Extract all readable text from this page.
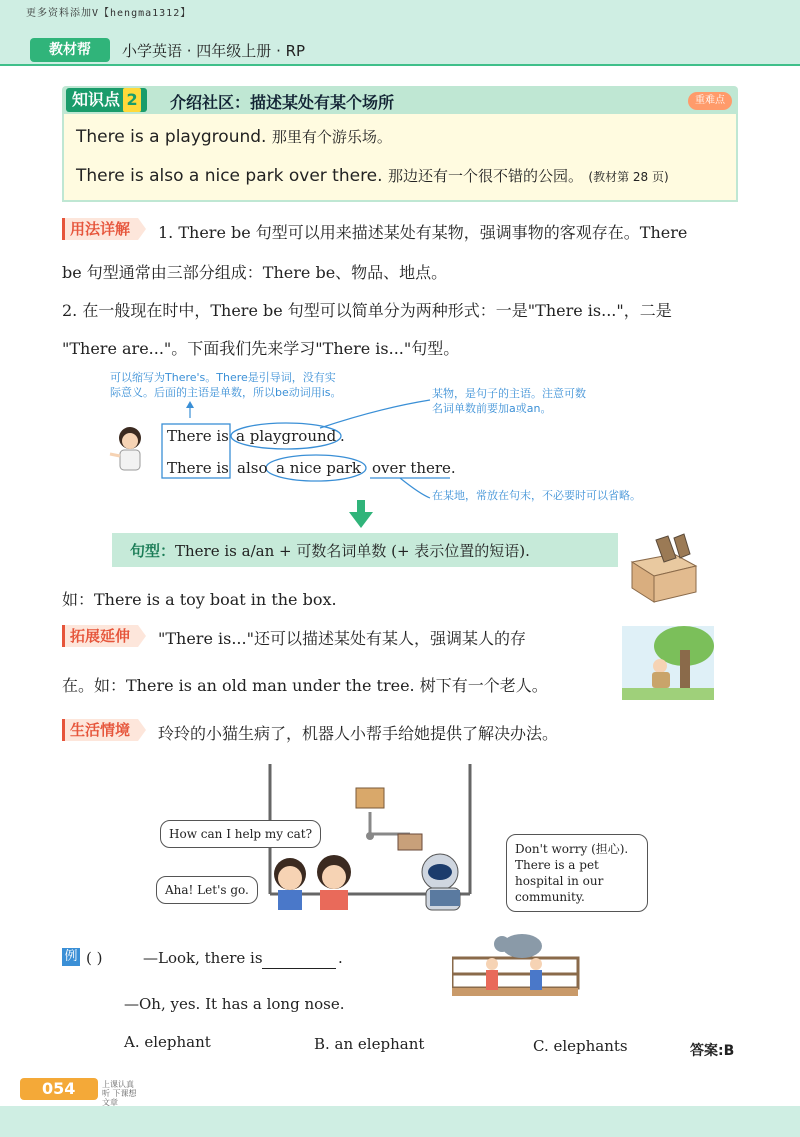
更多资料添加V【hengma1312】
教材帮	小学英语 · 四年级上册 · RP
知识点 2	介绍社区：描述某处有某个场所	重难点
There is a playground. 那里有个游乐场。
There is also a nice park over there. 那边还有一个很不错的公园。 (教材第 28 页)
用法详解	1. There be 句型可以用来描述某处有某物，强调事物的客观存在。There
be 句型通常由三部分组成：There be、物品、地点。
2. 在一般现在时中，There be 句型可以简单分为两种形式：一是"There is..."，二是
"There are..."。下面我们先来学习"There is..."句型。
可以缩写为There's。There是引导词，没有实
际意义。后面的主语是单数，所以be动词用is。	某物，是句子的主语。注意可数
名词单数前要加a或an。
There is a playground .
There is also a nice park over there.
在某地，常放在句末，不必要时可以省略。
句型：There is a/an + 可数名词单数 (+ 表示位置的短语).
如：There is a toy boat in the box.
拓展延伸	"There is..."还可以描述某处有某人，强调某人的存
在。如：There is an old man under the tree. 树下有一个老人。
生活情境	玲玲的小猫生病了，机器人小帮手给她提供了解决办法。
How can I help my cat?
Aha! Let's go.
Don't worry (担心). There is a pet hospital in our community.
例 ( )	—Look, there is	.
—Oh, yes. It has a long nose.
A. elephant	B. an elephant	C. elephants	答案:B
054	上课认真听 下课想文章
